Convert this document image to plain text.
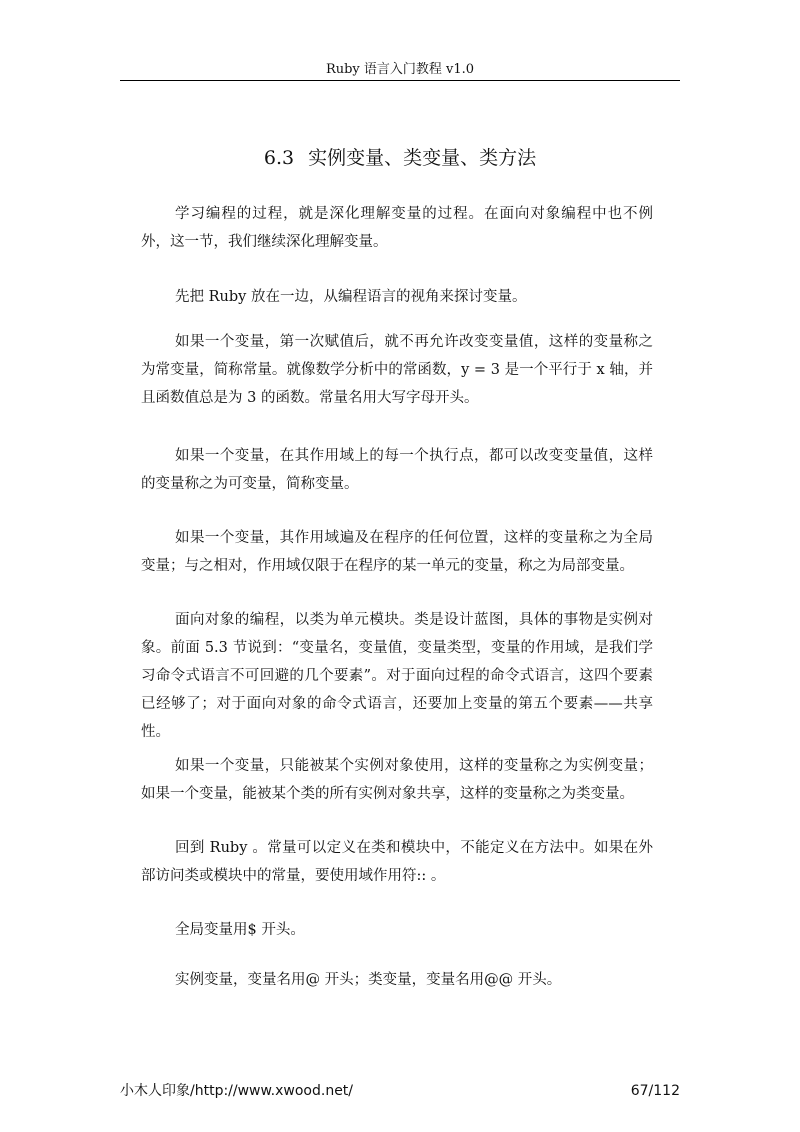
Ruby 语言入门教程 v1.0
6.3 实例变量、类变量、类方法
学习编程的过程，就是深化理解变量的过程。在面向对象编程中也不例外，这一节，我们继续深化理解变量。
先把 Ruby 放在一边，从编程语言的视角来探讨变量。
如果一个变量，第一次赋值后，就不再允许改变变量值，这样的变量称之为常变量，简称常量。就像数学分析中的常函数，y = 3 是一个平行于 x 轴，并且函数值总是为 3 的函数。常量名用大写字母开头。
如果一个变量，在其作用域上的每一个执行点，都可以改变变量值，这样的变量称之为可变量，简称变量。
如果一个变量，其作用域遍及在程序的任何位置，这样的变量称之为全局变量；与之相对，作用域仅限于在程序的某一单元的变量，称之为局部变量。
面向对象的编程，以类为单元模块。类是设计蓝图，具体的事物是实例对象。前面 5.3 节说到：“变量名，变量值，变量类型，变量的作用域，是我们学习命令式语言不可回避的几个要素”。对于面向过程的命令式语言，这四个要素已经够了；对于面向对象的命令式语言，还要加上变量的第五个要素——共享性。
如果一个变量，只能被某个实例对象使用，这样的变量称之为实例变量；如果一个变量，能被某个类的所有实例对象共享，这样的变量称之为类变量。
回到 Ruby 。常量可以定义在类和模块中，不能定义在方法中。如果在外部访问类或模块中的常量，要使用域作用符:: 。
全局变量用$ 开头。
实例变量，变量名用@ 开头；类变量，变量名用@@ 开头。
小木人印象/http://www.xwood.net/	67/112
